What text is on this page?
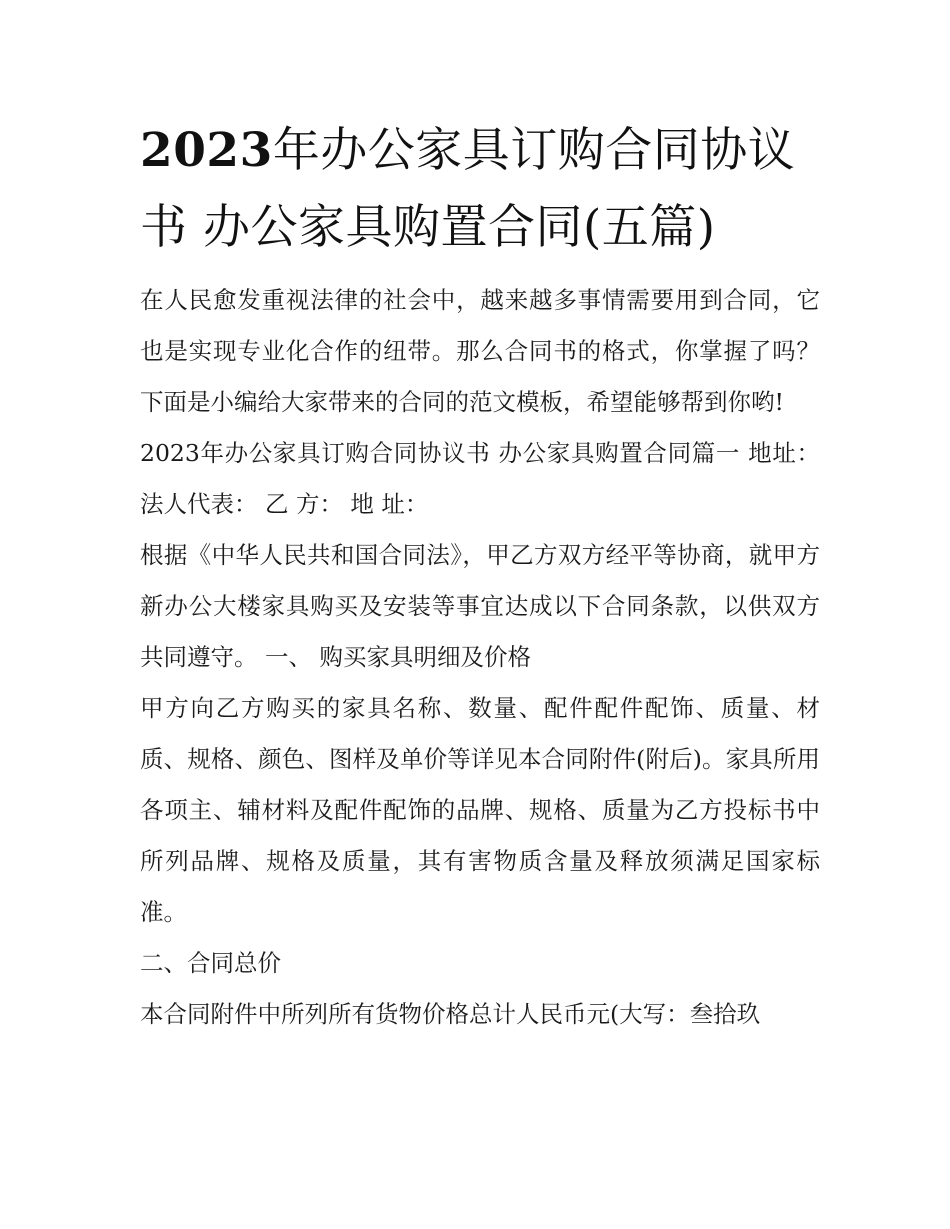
2023年办公家具订购合同协议书 办公家具购置合同(五篇)

在人民愈发重视法律的社会中，越来越多事情需要用到合同，它也是实现专业化合作的纽带。那么合同书的格式，你掌握了吗？下面是小编给大家带来的合同的范文模板，希望能够帮到你哟!

2023年办公家具订购合同协议书 办公家具购置合同篇一 地址： 法人代表： 乙 方： 地 址：

根据《中华人民共和国合同法》，甲乙方双方经平等协商，就甲方新办公大楼家具购买及安装等事宜达成以下合同条款，以供双方共同遵守。 一、 购买家具明细及价格

甲方向乙方购买的家具名称、数量、配件配件配饰、质量、材质、规格、颜色、图样及单价等详见本合同附件(附后)。家具所用各项主、辅材料及配件配饰的品牌、规格、质量为乙方投标书中所列品牌、规格及质量，其有害物质含量及释放须满足国家标准。

二、合同总价

本合同附件中所列所有货物价格总计人民币元(大写：叁拾玖
